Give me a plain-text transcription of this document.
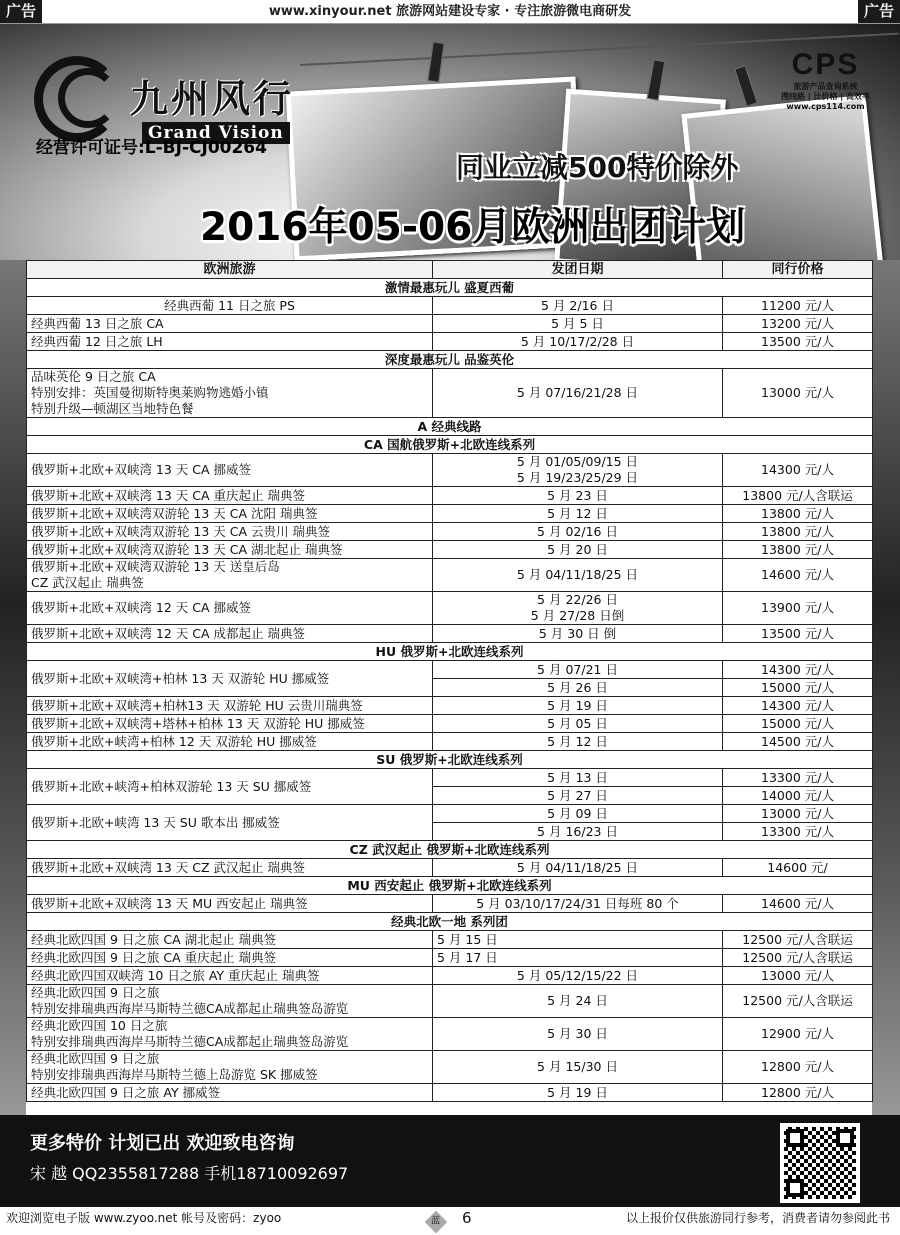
广告	www.xinyour.net 旅游网站建设专家 · 专注旅游微电商研发	广告
九州风行
Grand Vision
经营许可证号:L-BJ-CJ00264
CPS
旅游产品查询系统
搜线路 | 比价格 | 高效率
www.cps114.com
同业立减500特价除外
2016年05-06月欧洲出团计划
欧洲旅游	发团日期	同行价格
激情最惠玩儿 盛夏西葡		
经典西葡 11 日之旅 PS	5 月 2/16 日	11200 元/人
经典西葡 13 日之旅 CA	5 月 5 日	13200 元/人
经典西葡 12 日之旅 LH	5 月 10/17/2/28 日	13500 元/人
深度最惠玩儿 品鉴英伦		
品味英伦 9 日之旅 CA
特别安排：英国曼彻斯特奥莱购物逃婚小镇
特别升级—顿湖区当地特色餐	5 月 07/16/21/28 日	13000 元/人
A 经典线路		
CA 国航俄罗斯+北欧连线系列		
俄罗斯+北欧+双峡湾 13 天 CA 挪威签	5 月 01/05/09/15 日
5 月 19/23/25/29 日	14300 元/人
俄罗斯+北欧+双峡湾 13 天 CA 重庆起止 瑞典签	5 月 23 日	13800 元/人含联运
俄罗斯+北欧+双峡湾双游轮 13 天 CA 沈阳 瑞典签	5 月 12 日	13800 元/人
俄罗斯+北欧+双峡湾双游轮 13 天 CA 云贵川 瑞典签	5 月 02/16 日	13800 元/人
俄罗斯+北欧+双峡湾双游轮 13 天 CA 湖北起止 瑞典签	5 月 20 日	13800 元/人
俄罗斯+北欧+双峡湾双游轮 13 天 送皇后岛
CZ 武汉起止 瑞典签	5 月 04/11/18/25 日	14600 元/人
俄罗斯+北欧+双峡湾 12 天 CA 挪威签	5 月 22/26 日
5 月 27/28 日倒	13900 元/人
俄罗斯+北欧+双峡湾 12 天 CA 成都起止 瑞典签	5 月 30 日 倒	13500 元/人
HU 俄罗斯+北欧连线系列		
俄罗斯+北欧+双峡湾+柏林 13 天 双游轮 HU 挪威签	5 月 07/21 日	14300 元/人
	5 月 26 日	15000 元/人
俄罗斯+北欧+双峡湾+柏林13 天 双游轮 HU 云贵川瑞典签	5 月 19 日	14300 元/人
俄罗斯+北欧+双峡湾+塔林+柏林 13 天 双游轮 HU 挪威签	5 月 05 日	15000 元/人
俄罗斯+北欧+峡湾+柏林 12 天 双游轮 HU 挪威签	5 月 12 日	14500 元/人
SU 俄罗斯+北欧连线系列		
俄罗斯+北欧+峡湾+柏林双游轮 13 天 SU 挪威签	5 月 13 日	13300 元/人
	5 月 27 日	14000 元/人
俄罗斯+北欧+峡湾 13 天 SU 歌本出 挪威签	5 月 09 日	13000 元/人
	5 月 16/23 日	13300 元/人
CZ 武汉起止 俄罗斯+北欧连线系列		
俄罗斯+北欧+双峡湾 13 天 CZ 武汉起止 瑞典签	5 月 04/11/18/25 日	14600 元/
MU 西安起止 俄罗斯+北欧连线系列		
俄罗斯+北欧+双峡湾 13 天 MU 西安起止 瑞典签	5 月 03/10/17/24/31 日每班 80 个	14600 元/人
经典北欧一地 系列团		
经典北欧四国 9 日之旅 CA 湖北起止 瑞典签	5 月 15 日	12500 元/人含联运
经典北欧四国 9 日之旅 CA 重庆起止 瑞典签	5 月 17 日	12500 元/人含联运
经典北欧四国双峡湾 10 日之旅 AY 重庆起止 瑞典签	5 月 05/12/15/22 日	13000 元/人
经典北欧四国 9 日之旅
特别安排瑞典西海岸马斯特兰德CA成都起止瑞典签岛游览	5 月 24 日	12500 元/人含联运
经典北欧四国 10 日之旅
特别安排瑞典西海岸马斯特兰德CA成都起止瑞典签岛游览	5 月 30 日	12900 元/人
经典北欧四国 9 日之旅
特别安排瑞典西海岸马斯特兰德上岛游览 SK 挪威签	5 月 15/30 日	12800 元/人
经典北欧四国 9 日之旅 AY 挪威签	5 月 19 日	12800 元/人
更多特价 计划已出 欢迎致电咨询
宋 越 QQ2355817288 手机18710092697
欢迎浏览电子版 www.zyoo.net 帐号及密码：zyoo	蓝 6	以上报价仅供旅游同行参考，消费者请勿参阅此书
